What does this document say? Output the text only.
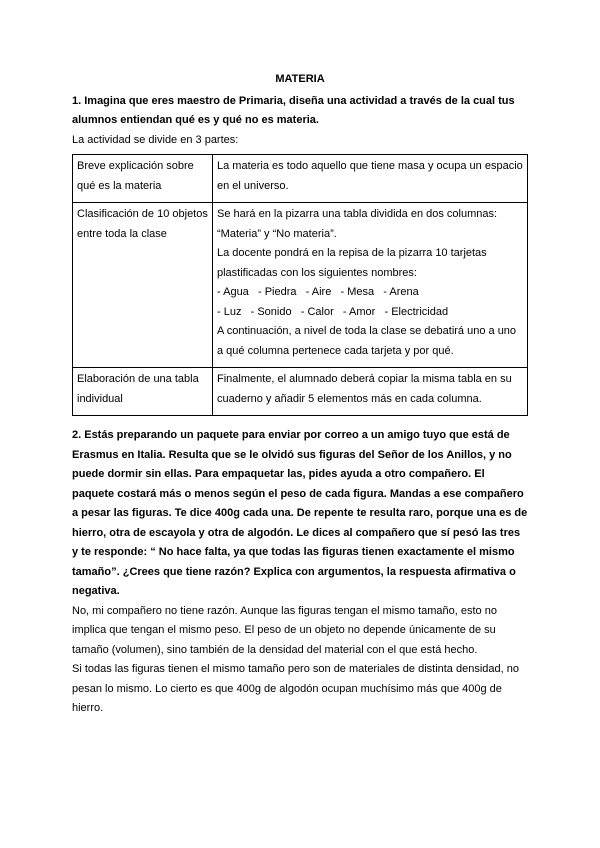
MATERIA

1. Imagina que eres maestro de Primaria, diseña una actividad a través de la cual tus alumnos entiendan qué es y qué no es materia.

La actividad se divide en 3 partes:

Breve explicación sobre qué es la materia	La materia es todo aquello que tiene masa y ocupa un espacio en el universo.

Clasificación de 10 objetos entre toda la clase	Se hará en la pizarra una tabla dividida en dos columnas: “Materia” y “No materia”.
La docente pondrá en la repisa de la pizarra 10 tarjetas plastificadas con los siguientes nombres:
- Agua   - Piedra   - Aire   - Mesa   - Arena
- Luz   - Sonido   - Calor   - Amor   - Electricidad
A continuación, a nivel de toda la clase se debatirá uno a uno a qué columna pertenece cada tarjeta y por qué.

Elaboración de una tabla individual	Finalmente, el alumnado deberá copiar la misma tabla en su cuaderno y añadir 5 elementos más en cada columna.

2. Estás preparando un paquete para enviar por correo a un amigo tuyo que está de Erasmus en Italia. Resulta que se le olvidó sus figuras del Señor de los Anillos, y no puede dormir sin ellas. Para empaquetar las, pides ayuda a otro compañero. El paquete costará más o menos según el peso de cada figura. Mandas a ese compañero a pesar las figuras. Te dice 400g cada una. De repente te resulta raro, porque una es de hierro, otra de escayola y otra de algodón. Le dices al compañero que sí pesó las tres y te responde: “ No hace falta, ya que todas las figuras tienen exactamente el mismo tamaño”. ¿Crees que tiene razón? Explica con argumentos, la respuesta afirmativa o negativa.

No, mi compañero no tiene razón. Aunque las figuras tengan el mismo tamaño, esto no implica que tengan el mismo peso. El peso de un objeto no depende únicamente de su tamaño (volumen), sino también de la densidad del material con el que está hecho.

Si todas las figuras tienen el mismo tamaño pero son de materiales de distinta densidad, no pesan lo mismo. Lo cierto es que 400g de algodón ocupan muchísimo más que 400g de hierro.
